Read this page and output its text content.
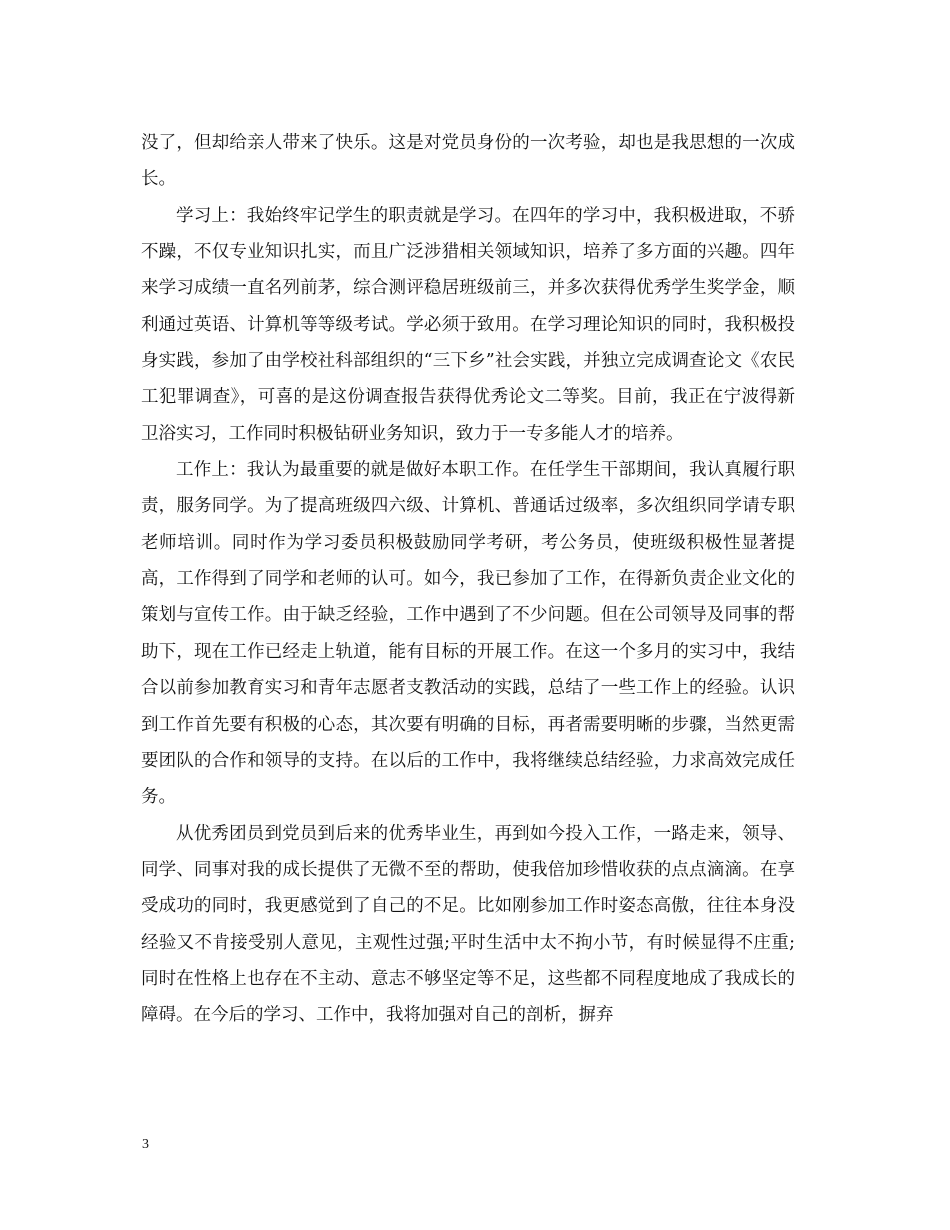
没了，但却给亲人带来了快乐。这是对党员身份的一次考验，却也是我思想的一次成长。

学习上：我始终牢记学生的职责就是学习。在四年的学习中，我积极进取，不骄不躁，不仅专业知识扎实，而且广泛涉猎相关领域知识，培养了多方面的兴趣。四年来学习成绩一直名列前茅，综合测评稳居班级前三，并多次获得优秀学生奖学金，顺利通过英语、计算机等等级考试。学必须于致用。在学习理论知识的同时，我积极投身实践，参加了由学校社科部组织的“三下乡”社会实践，并独立完成调查论文《农民工犯罪调查》，可喜的是这份调查报告获得优秀论文二等奖。目前，我正在宁波得新卫浴实习，工作同时积极钻研业务知识，致力于一专多能人才的培养。

工作上：我认为最重要的就是做好本职工作。在任学生干部期间，我认真履行职责，服务同学。为了提高班级四六级、计算机、普通话过级率，多次组织同学请专职老师培训。同时作为学习委员积极鼓励同学考研，考公务员，使班级积极性显著提高，工作得到了同学和老师的认可。如今，我已参加了工作，在得新负责企业文化的策划与宣传工作。由于缺乏经验，工作中遇到了不少问题。但在公司领导及同事的帮助下，现在工作已经走上轨道，能有目标的开展工作。在这一个多月的实习中，我结合以前参加教育实习和青年志愿者支教活动的实践，总结了一些工作上的经验。认识到工作首先要有积极的心态，其次要有明确的目标，再者需要明晰的步骤，当然更需要团队的合作和领导的支持。在以后的工作中，我将继续总结经验，力求高效完成任务。

从优秀团员到党员到后来的优秀毕业生，再到如今投入工作，一路走来，领导、同学、同事对我的成长提供了无微不至的帮助，使我倍加珍惜收获的点点滴滴。在享受成功的同时，我更感觉到了自己的不足。比如刚参加工作时姿态高傲，往往本身没经验又不肯接受别人意见，主观性过强;平时生活中太不拘小节，有时候显得不庄重;同时在性格上也存在不主动、意志不够坚定等不足，这些都不同程度地成了我成长的障碍。在今后的学习、工作中，我将加强对自己的剖析，摒弃

3
